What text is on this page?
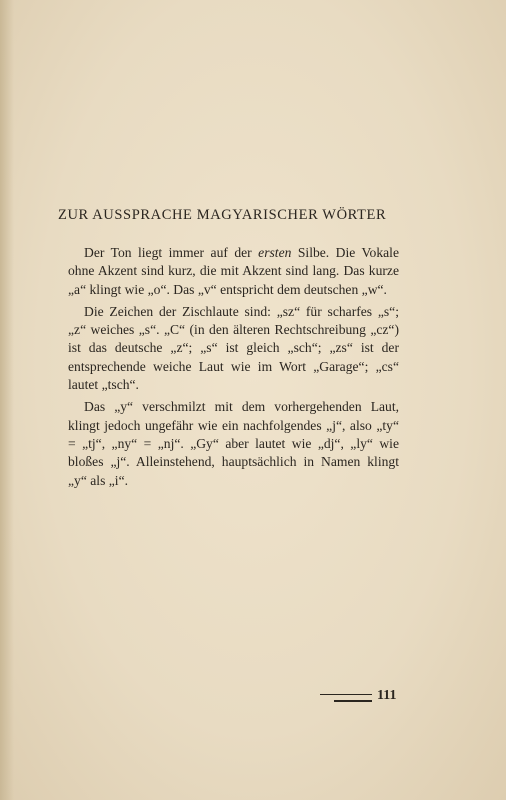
ZUR AUSSPRACHE MAGYARISCHER WÖRTER

Der Ton liegt immer auf der ersten Silbe. Die Vokale ohne Akzent sind kurz, die mit Akzent sind lang. Das kurze „a“ klingt wie „o“. Das „v“ entspricht dem deutschen „w“.

Die Zeichen der Zischlaute sind: „sz“ für scharfes „s“; „z“ weiches „s“. „C“ (in den älteren Rechtschreibung „cz“) ist das deutsche „z“; „s“ ist gleich „sch“; „zs“ ist der entsprechende weiche Laut wie im Wort „Garage“; „cs“ lautet „tsch“.

Das „y“ verschmilzt mit dem vorhergehenden Laut, klingt jedoch ungefähr wie ein nachfolgendes „j“, also „ty“ = „tj“, „ny“ = „nj“. „Gy“ aber lautet wie „dj“, „ly“ wie bloßes „j“. Alleinstehend, hauptsächlich in Namen klingt „y“ als „i“.

111
